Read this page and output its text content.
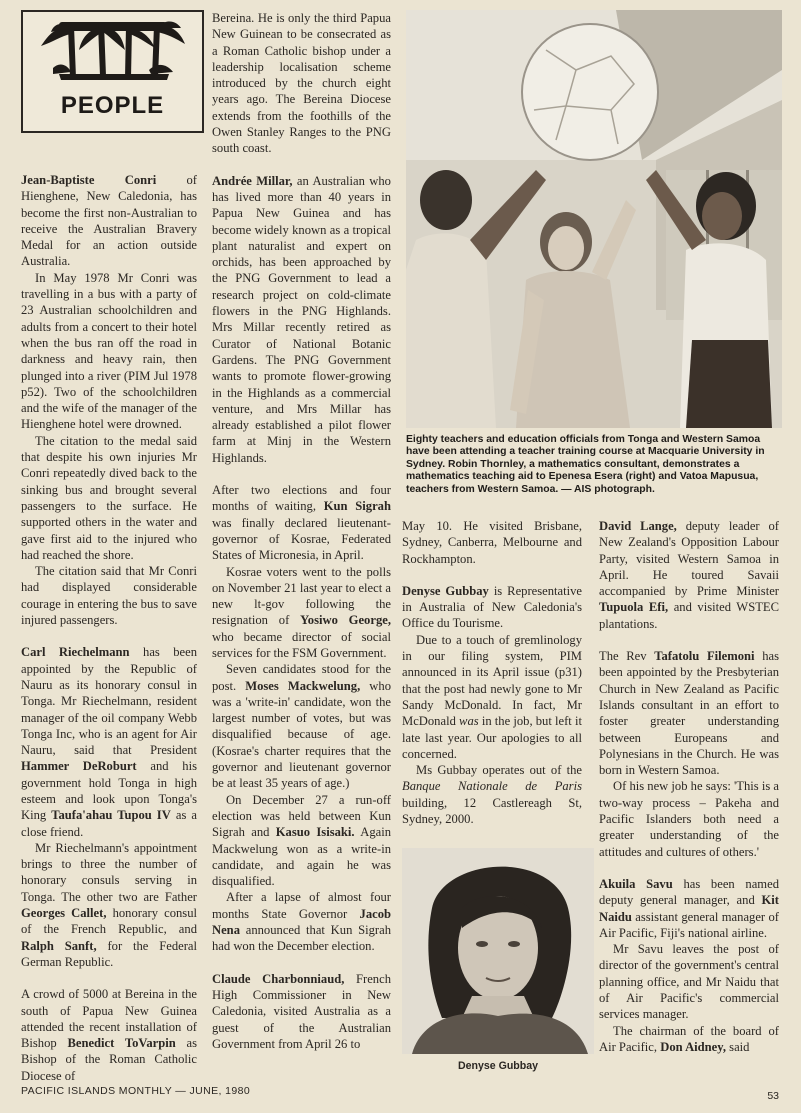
PEOPLE

Jean-Baptiste Conri of Hienghene, New Caledonia, has become the first non-Australian to receive the Australian Bravery Medal for an action outside Australia.

In May 1978 Mr Conri was travelling in a bus with a party of 23 Australian schoolchildren and adults from a concert to their hotel when the bus ran off the road in darkness and heavy rain, then plunged into a river (PIM Jul 1978 p52). Two of the schoolchildren and the wife of the manager of the Hienghene hotel were drowned.

The citation to the medal said that despite his own injuries Mr Conri repeatedly dived back to the sinking bus and brought several passengers to the surface. He supported others in the water and gave first aid to the injured who had reached the shore.

The citation said that Mr Conri had displayed considerable courage in entering the bus to save injured passengers.

Carl Riechelmann has been appointed by the Republic of Nauru as its honorary consul in Tonga. Mr Riechelmann, resident manager of the oil company Webb Tonga Inc, who is an agent for Air Nauru, said that President Hammer DeRoburt and his government hold Tonga in high esteem and look upon Tonga's King Taufa'ahau Tupou IV as a close friend.

Mr Riechelmann's appointment brings to three the number of honorary consuls serving in Tonga. The other two are Father Georges Callet, honorary consul of the French Republic, and Ralph Sanft, for the Federal German Republic.

A crowd of 5000 at Bereina in the south of Papua New Guinea attended the recent installation of Bishop Benedict ToVarpin as Bishop of the Roman Catholic Diocese of

Bereina. He is only the third Papua New Guinean to be consecrated as a Roman Catholic bishop under a leadership localisation scheme introduced by the church eight years ago. The Bereina Diocese extends from the foothills of the Owen Stanley Ranges to the PNG south coast.

Andrée Millar, an Australian who has lived more than 40 years in Papua New Guinea and has become widely known as a tropical plant naturalist and expert on orchids, has been approached by the PNG Government to lead a research project on cold-climate flowers in the PNG Highlands. Mrs Millar recently retired as Curator of National Botanic Gardens. The PNG Government wants to promote flower-growing in the Highlands as a commercial venture, and Mrs Millar has already established a pilot flower farm at Minj in the Western Highlands.

After two elections and four months of waiting, Kun Sigrah was finally declared lieutenant-governor of Kosrae, Federated States of Micronesia, in April.

Kosrae voters went to the polls on November 21 last year to elect a new lt-gov following the resignation of Yosiwo George, who became director of social services for the FSM Government.

Seven candidates stood for the post. Moses Mackwelung, who was a 'write-in' candidate, won the largest number of votes, but was disqualified because of age. (Kosrae's charter requires that the governor and lieutenant governor be at least 35 years of age.)

On December 27 a run-off election was held between Kun Sigrah and Kasuo Isisaki. Again Mackwelung won as a write-in candidate, and again he was disqualified.

After a lapse of almost four months State Governor Jacob Nena announced that Kun Sigrah had won the December election.

Claude Charbonniaud, French High Commissioner in New Caledonia, visited Australia as a guest of the Australian Government from April 26 to

Eighty teachers and education officials from Tonga and Western Samoa have been attending a teacher training course at Macquarie University in Sydney. Robin Thornley, a mathematics consultant, demonstrates a mathematics teaching aid to Epenesa Esera (right) and Vatoa Mapusua, teachers from Western Samoa. — AIS photograph.

May 10. He visited Brisbane, Sydney, Canberra, Melbourne and Rockhampton.

Denyse Gubbay is Representative in Australia of New Caledonia's Office du Tourisme.

Due to a touch of gremlinology in our filing system, PIM announced in its April issue (p31) that the post had newly gone to Mr Sandy McDonald. In fact, Mr McDonald was in the job, but left it late last year. Our apologies to all concerned.

Ms Gubbay operates out of the Banque Nationale de Paris building, 12 Castlereagh St, Sydney, 2000.

Denyse Gubbay

David Lange, deputy leader of New Zealand's Opposition Labour Party, visited Western Samoa in April. He toured Savaii accompanied by Prime Minister Tupuola Efi, and visited WSTEC plantations.

The Rev Tafatolu Filemoni has been appointed by the Presbyterian Church in New Zealand as Pacific Islands consultant in an effort to foster greater understanding between Europeans and Polynesians in the Church. He was born in Western Samoa.

Of his new job he says: 'This is a two-way process – Pakeha and Pacific Islanders both need a greater understanding of the attitudes and cultures of others.'

Akuila Savu has been named deputy general manager, and Kit Naidu assistant general manager of Air Pacific, Fiji's national airline.

Mr Savu leaves the post of director of the government's central planning office, and Mr Naidu that of Air Pacific's commercial services manager.

The chairman of the board of Air Pacific, Don Aidney, said

PACIFIC ISLANDS MONTHLY — JUNE, 1980	53
